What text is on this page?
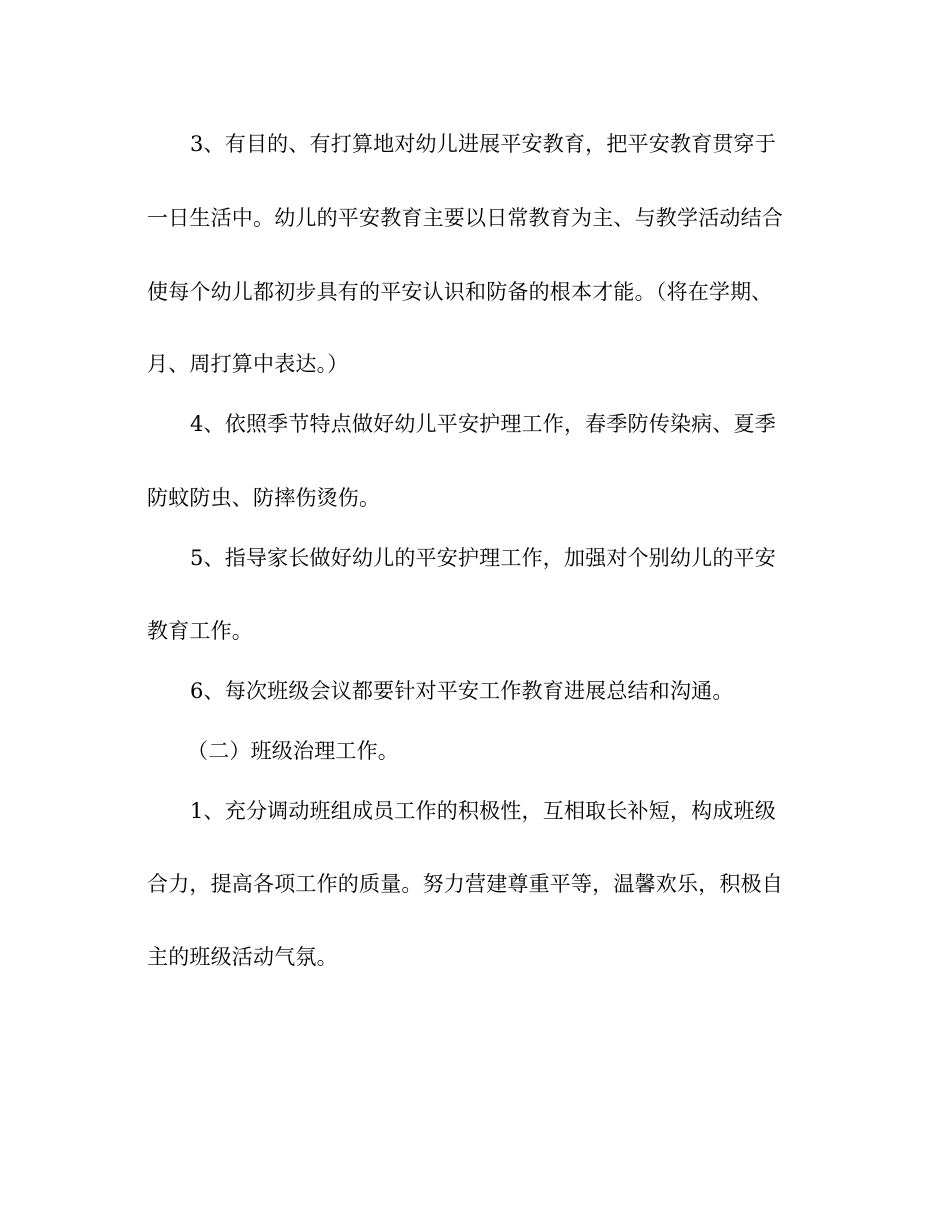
3、有目的、有打算地对幼儿进展平安教育，把平安教育贯穿于
一日生活中。幼儿的平安教育主要以日常教育为主、与教学活动结合
使每个幼儿都初步具有的平安认识和防备的根本才能。（将在学期、
月、周打算中表达。）
4、依照季节特点做好幼儿平安护理工作，春季防传染病、夏季
防蚊防虫、防摔伤烫伤。
5、指导家长做好幼儿的平安护理工作，加强对个别幼儿的平安
教育工作。
6、每次班级会议都要针对平安工作教育进展总结和沟通。
（二）班级治理工作。
1、充分调动班组成员工作的积极性，互相取长补短，构成班级
合力，提高各项工作的质量。努力营建尊重平等，温馨欢乐，积极自
主的班级活动气氛。
